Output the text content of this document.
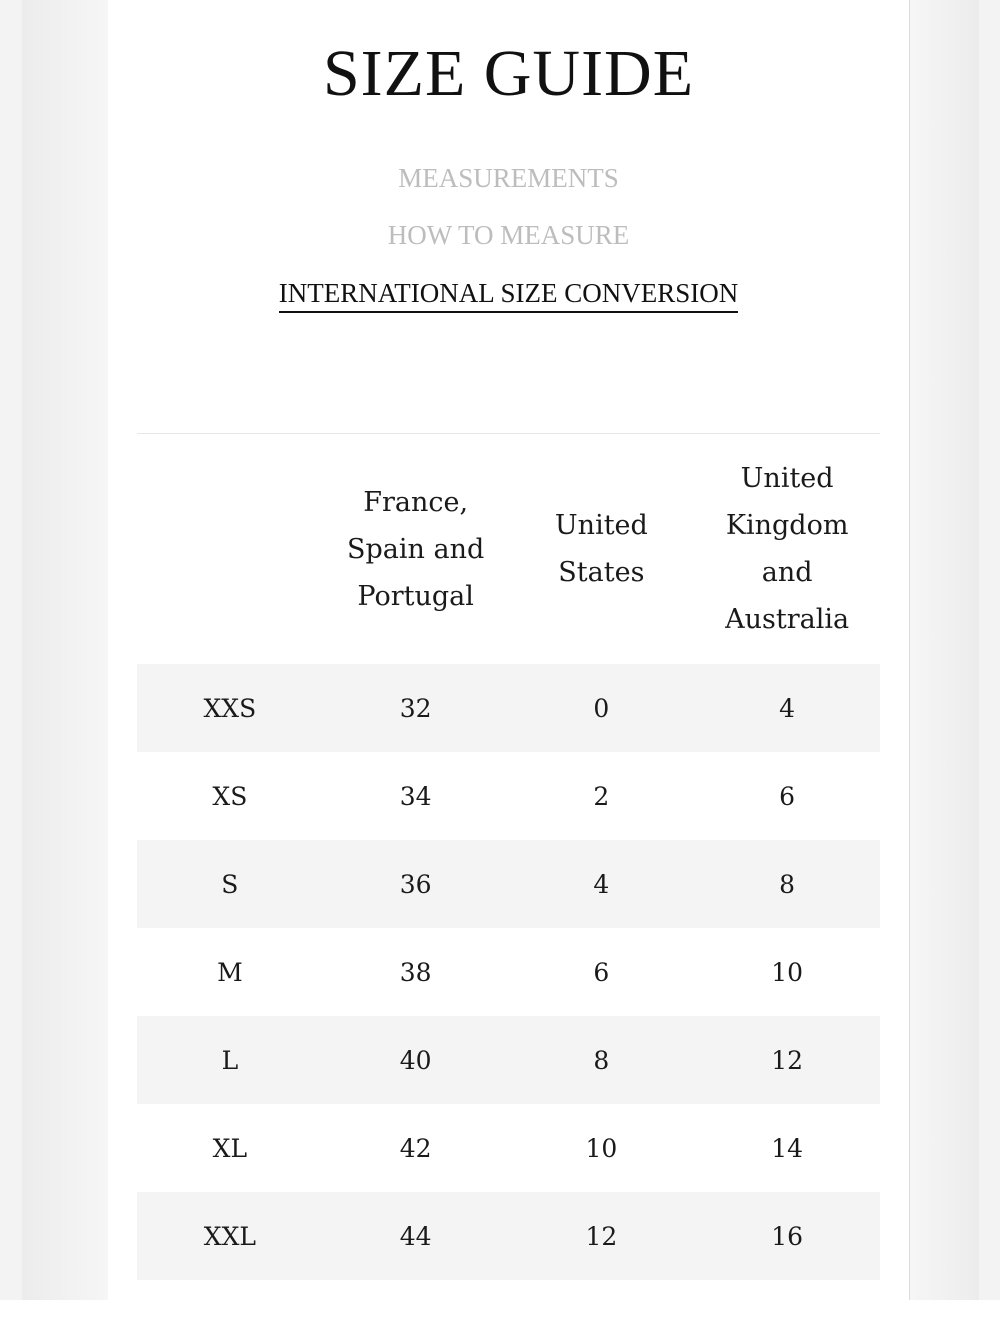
SIZE GUIDE
MEASUREMENTS
HOW TO MEASURE
INTERNATIONAL SIZE CONVERSION
	France,
Spain and
Portugal	United
States	United
Kingdom
and
Australia
XXS	32	0	4
XS	34	2	6
S	36	4	8
M	38	6	10
L	40	8	12
XL	42	10	14
XXL	44	12	16
